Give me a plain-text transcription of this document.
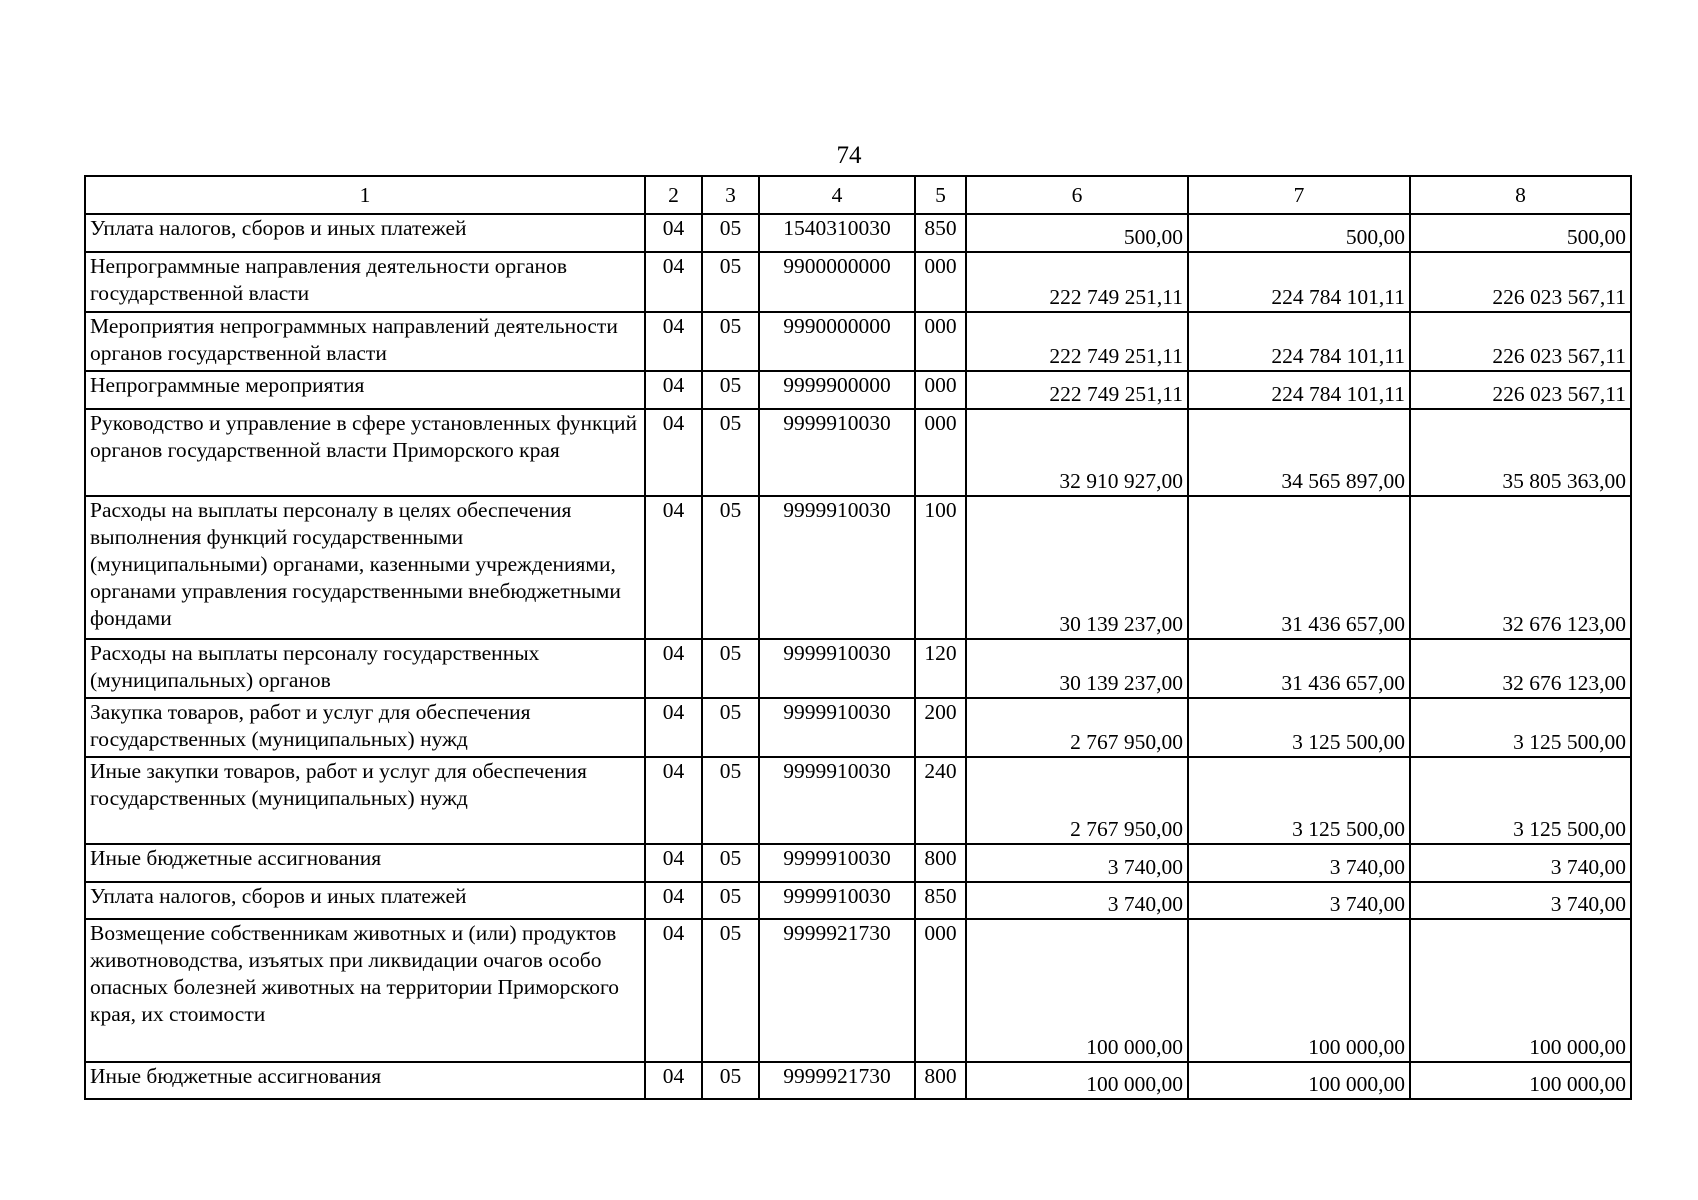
74
1	2	3	4	5	6	7	8
Уплата налогов, сборов и иных платежей	04	05	1540310030	850	500,00	500,00	500,00
Непрограммные направления деятельности органов государственной власти	04	05	9900000000	000	222 749 251,11	224 784 101,11	226 023 567,11
Мероприятия непрограммных направлений деятельности органов государственной власти	04	05	9990000000	000	222 749 251,11	224 784 101,11	226 023 567,11
Непрограммные мероприятия	04	05	9999900000	000	222 749 251,11	224 784 101,11	226 023 567,11
Руководство и управление в сфере установленных функций органов государственной власти Приморского края	04	05	9999910030	000	32 910 927,00	34 565 897,00	35 805 363,00
Расходы на выплаты персоналу в целях обеспечения выполнения функций государственными (муниципальными) органами, казенными учреждениями, органами управления государственными внебюджетными фондами	04	05	9999910030	100	30 139 237,00	31 436 657,00	32 676 123,00
Расходы на выплаты персоналу государственных (муниципальных) органов	04	05	9999910030	120	30 139 237,00	31 436 657,00	32 676 123,00
Закупка товаров, работ и услуг для обеспечения государственных (муниципальных) нужд	04	05	9999910030	200	2 767 950,00	3 125 500,00	3 125 500,00
Иные закупки товаров, работ и услуг для обеспечения государственных (муниципальных) нужд	04	05	9999910030	240	2 767 950,00	3 125 500,00	3 125 500,00
Иные бюджетные ассигнования	04	05	9999910030	800	3 740,00	3 740,00	3 740,00
Уплата налогов, сборов и иных платежей	04	05	9999910030	850	3 740,00	3 740,00	3 740,00
Возмещение собственникам животных и (или) продуктов животноводства, изъятых при ликвидации очагов особо опасных болезней животных на территории Приморского края, их стоимости	04	05	9999921730	000	100 000,00	100 000,00	100 000,00
Иные бюджетные ассигнования	04	05	9999921730	800	100 000,00	100 000,00	100 000,00
